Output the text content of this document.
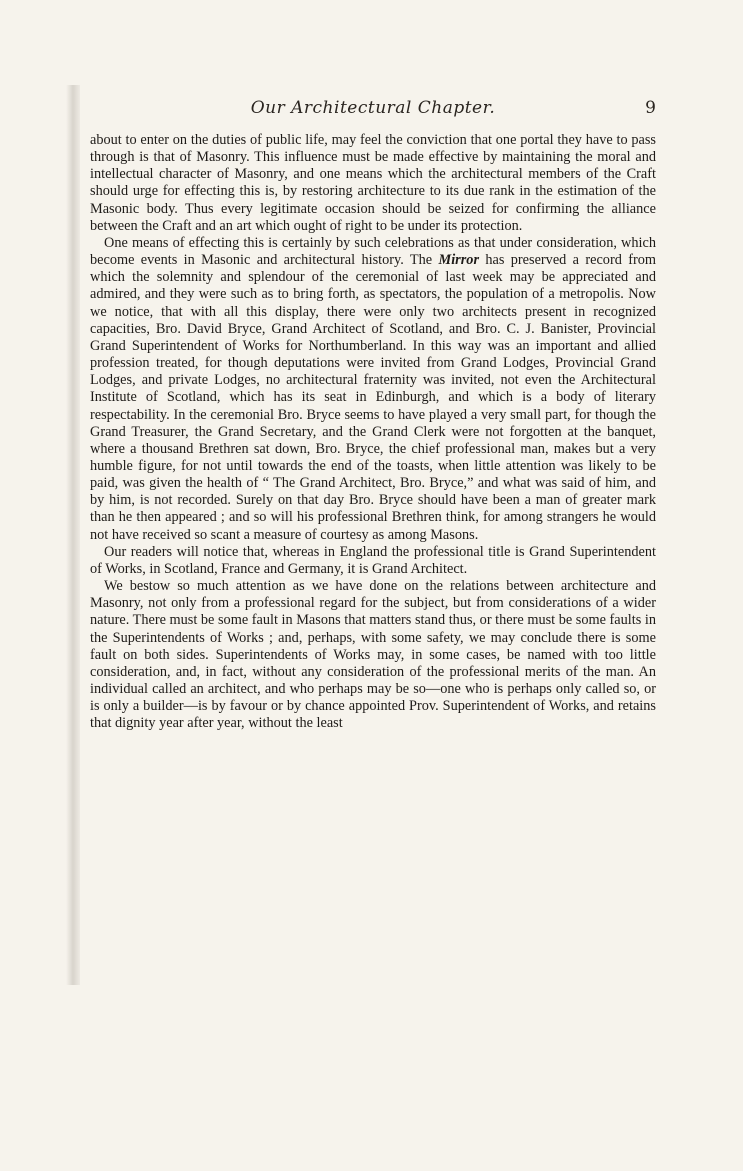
Our Architectural Chapter.	9

about to enter on the duties of public life, may feel the conviction that one portal they have to pass through is that of Masonry. This influence must be made effective by maintaining the moral and intellectual character of Masonry, and one means which the architectural members of the Craft should urge for effecting this is, by restoring architecture to its due rank in the estimation of the Masonic body. Thus every legitimate occasion should be seized for confirming the alliance between the Craft and an art which ought of right to be under its protection.

One means of effecting this is certainly by such celebrations as that under consideration, which become events in Masonic and architectural history. The Mirror has preserved a record from which the solemnity and splendour of the ceremonial of last week may be appreciated and admired, and they were such as to bring forth, as spectators, the population of a metropolis. Now we notice, that with all this display, there were only two architects present in recognized capacities, Bro. David Bryce, Grand Architect of Scotland, and Bro. C. J. Banister, Provincial Grand Superintendent of Works for Northumberland. In this way was an important and allied profession treated, for though deputations were invited from Grand Lodges, Provincial Grand Lodges, and private Lodges, no architectural fraternity was invited, not even the Architectural Institute of Scotland, which has its seat in Edinburgh, and which is a body of literary respectability. In the ceremonial Bro. Bryce seems to have played a very small part, for though the Grand Treasurer, the Grand Secretary, and the Grand Clerk were not forgotten at the banquet, where a thousand Brethren sat down, Bro. Bryce, the chief professional man, makes but a very humble figure, for not until towards the end of the toasts, when little attention was likely to be paid, was given the health of “ The Grand Architect, Bro. Bryce,” and what was said of him, and by him, is not recorded. Surely on that day Bro. Bryce should have been a man of greater mark than he then appeared ; and so will his professional Brethren think, for among strangers he would not have received so scant a measure of courtesy as among Masons.

Our readers will notice that, whereas in England the professional title is Grand Superintendent of Works, in Scotland, France and Germany, it is Grand Architect.

We bestow so much attention as we have done on the relations between architecture and Masonry, not only from a professional regard for the subject, but from considerations of a wider nature. There must be some fault in Masons that matters stand thus, or there must be some faults in the Superintendents of Works ; and, perhaps, with some safety, we may conclude there is some fault on both sides. Superintendents of Works may, in some cases, be named with too little consideration, and, in fact, without any consideration of the professional merits of the man. An individual called an architect, and who perhaps may be so—one who is perhaps only called so, or is only a builder—is by favour or by chance appointed Prov. Superintendent of Works, and retains that dignity year after year, without the least
